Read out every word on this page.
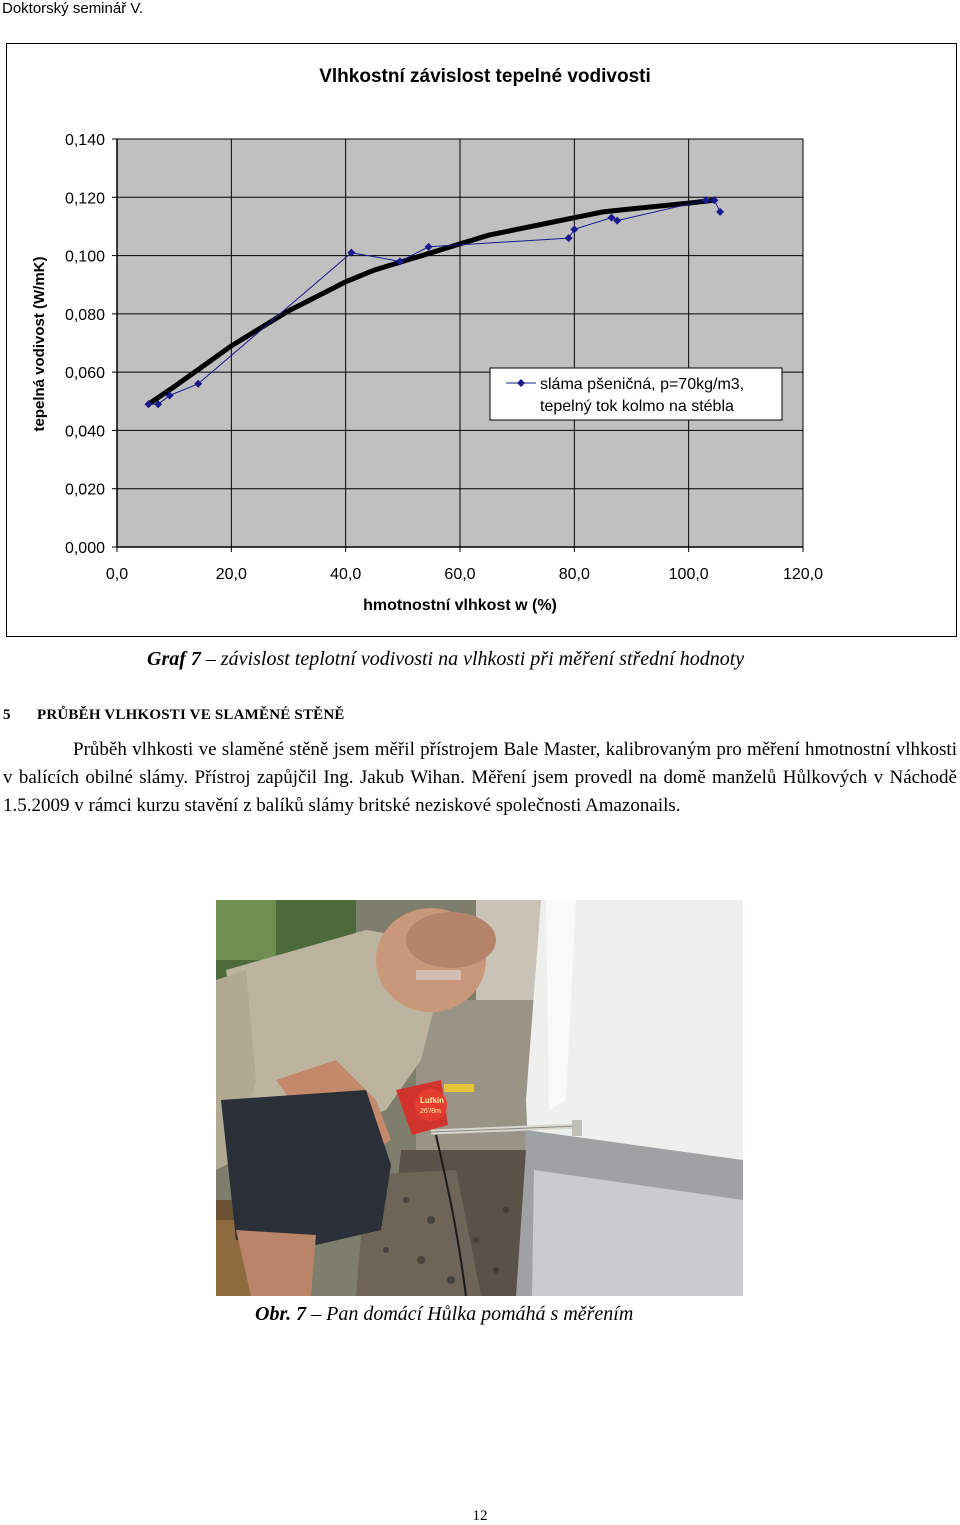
Doktorský seminář V.
Vlhkostní závislost tepelné vodivosti
0,0	20,0	40,0	60,0	80,0	100,0	120,0
0,000
0,020
0,040
0,060
0,080
0,100
0,120
0,140
tepelná vodivost (W/mK)
hmotnostní vlhkost w (%)
sláma pšeničná, p=70kg/m3,
tepelný tok kolmo na stébla
Graf 7 – závislost teplotní vodivosti na vlhkosti při měření střední hodnoty
5 PRŮBĚH VLHKOSTI VE SLAMĚNÉ STĚNĚ

Průběh vlhkosti ve slaměné stěně jsem měřil přístrojem Bale Master, kalibrovaným pro měření hmotnostní vlhkosti v balících obilné slámy. Přístroj zapůjčil Ing. Jakub Wihan. Měření jsem provedl na domě manželů Hůlkových v Náchodě 1.5.2009 v rámci kurzu stavění z balíků slámy britské neziskové společnosti Amazonails.

Lufkin
26'/8m
Obr. 7 – Pan domácí Hůlka pomáhá s měřením
12
